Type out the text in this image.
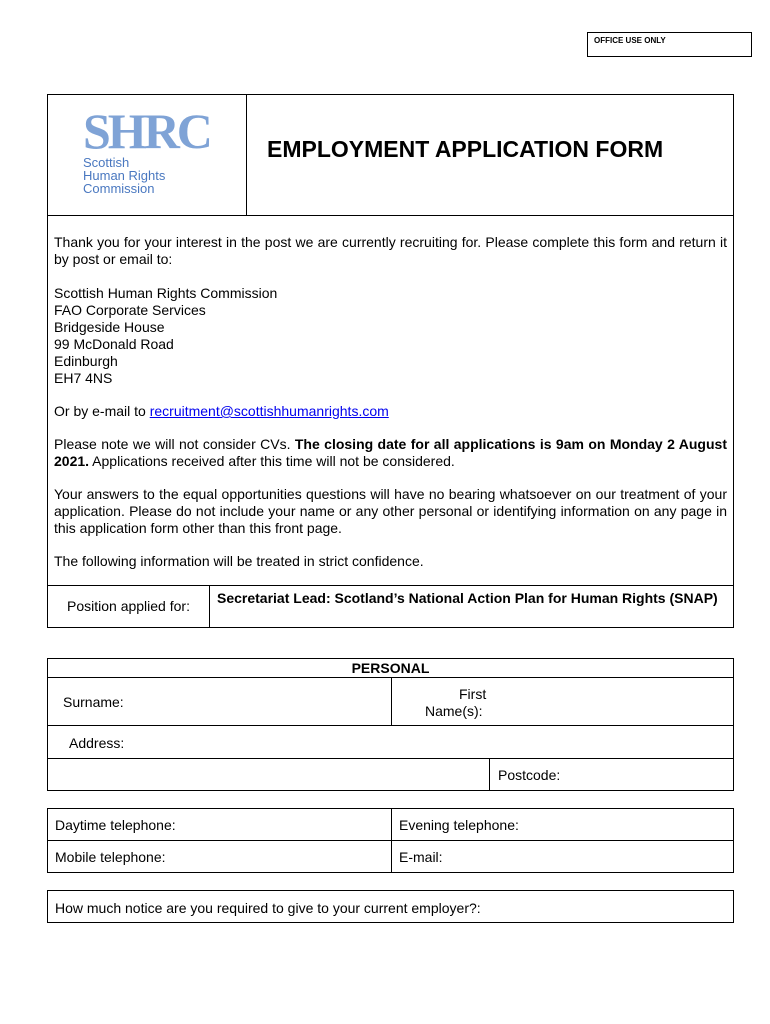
OFFICE USE ONLY
SHRC
Scottish
Human Rights
Commission
EMPLOYMENT APPLICATION FORM

Thank you for your interest in the post we are currently recruiting for. Please complete this form and return it by post or email to:

Scottish Human Rights Commission

FAO Corporate Services

Bridgeside House

99 McDonald Road

Edinburgh

EH7 4NS

Or by e-mail to recruitment@scottishhumanrights.com

Please note we will not consider CVs. The closing date for all applications is 9am on Monday 2 August 2021. Applications received after this time will not be considered.

Your answers to the equal opportunities questions will have no bearing whatsoever on our treatment of your application. Please do not include your name or any other personal or identifying information on any page in this application form other than this front page.

The following information will be treated in strict confidence.

Position applied for: Secretariat Lead: Scotland’s National Action Plan for Human Rights (SNAP)
PERSONAL
Surname:	First
Name(s):
Address:
Postcode:
Daytime telephone:	Evening telephone:
Mobile telephone:	E-mail:
How much notice are you required to give to your current employer?:
